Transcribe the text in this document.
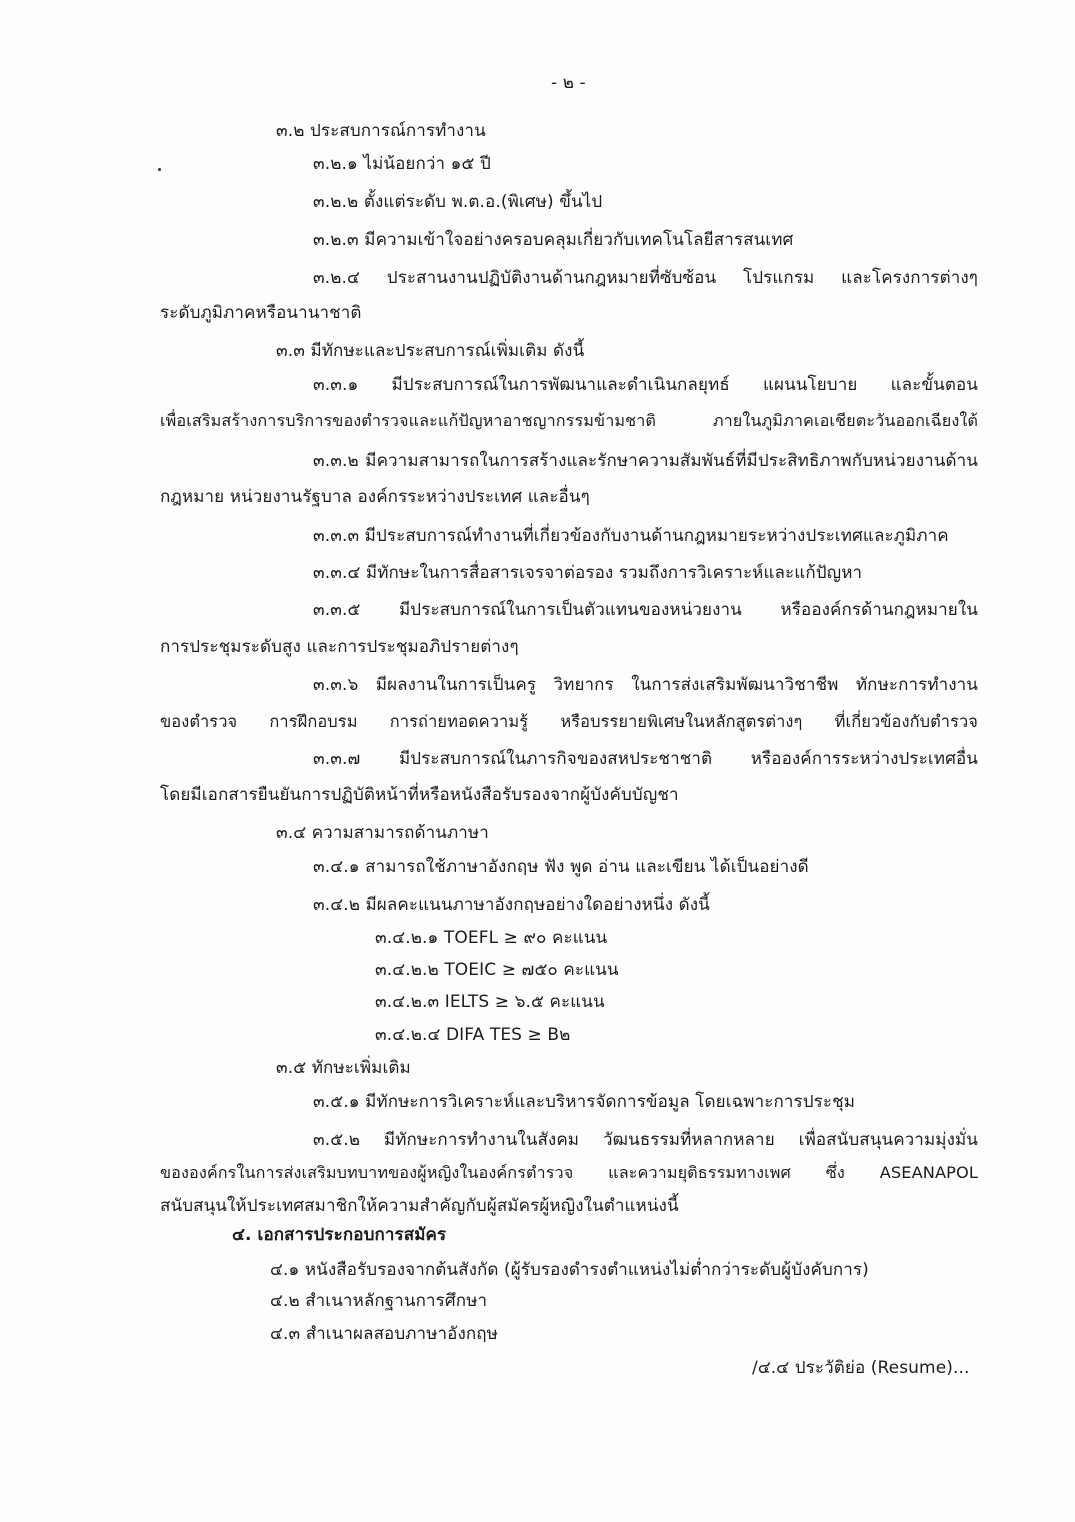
- ๒ -
๓.๒ ประสบการณ์การทำงาน
๓.๒.๑ ไม่น้อยกว่า ๑๕ ปี
๓.๒.๒ ตั้งแต่ระดับ พ.ต.อ.(พิเศษ) ขึ้นไป
๓.๒.๓ มีความเข้าใจอย่างครอบคลุมเกี่ยวกับเทคโนโลยีสารสนเทศ
๓.๒.๔ ประสานงานปฏิบัติงานด้านกฎหมายที่ซับซ้อน โปรแกรม และโครงการต่างๆ
ระดับภูมิภาคหรือนานาชาติ
๓.๓ มีทักษะและประสบการณ์เพิ่มเติม ดังนี้
๓.๓.๑ มีประสบการณ์ในการพัฒนาและดำเนินกลยุทธ์ แผนนโยบาย และขั้นตอน
เพื่อเสริมสร้างการบริการของตำรวจและแก้ปัญหาอาชญากรรมข้ามชาติ ภายในภูมิภาคเอเชียตะวันออกเฉียงใต้
๓.๓.๒ มีความสามารถในการสร้างและรักษาความสัมพันธ์ที่มีประสิทธิภาพกับหน่วยงานด้าน
กฎหมาย หน่วยงานรัฐบาล องค์กรระหว่างประเทศ และอื่นๆ
๓.๓.๓ มีประสบการณ์ทำงานที่เกี่ยวข้องกับงานด้านกฎหมายระหว่างประเทศและภูมิภาค
๓.๓.๔ มีทักษะในการสื่อสารเจรจาต่อรอง รวมถึงการวิเคราะห์และแก้ปัญหา
๓.๓.๕ มีประสบการณ์ในการเป็นตัวแทนของหน่วยงาน หรือองค์กรด้านกฎหมายใน
การประชุมระดับสูง และการประชุมอภิปรายต่างๆ
๓.๓.๖ มีผลงานในการเป็นครู วิทยากร ในการส่งเสริมพัฒนาวิชาชีพ ทักษะการทำงาน
ของตำรวจ การฝึกอบรม การถ่ายทอดความรู้ หรือบรรยายพิเศษในหลักสูตรต่างๆ ที่เกี่ยวข้องกับตำรวจ
๓.๓.๗ มีประสบการณ์ในภารกิจของสหประชาชาติ หรือองค์การระหว่างประเทศอื่น
โดยมีเอกสารยืนยันการปฏิบัติหน้าที่หรือหนังสือรับรองจากผู้บังคับบัญชา
๓.๔ ความสามารถด้านภาษา
๓.๔.๑ สามารถใช้ภาษาอังกฤษ ฟัง พูด อ่าน และเขียน ได้เป็นอย่างดี
๓.๔.๒ มีผลคะแนนภาษาอังกฤษอย่างใดอย่างหนึ่ง ดังนี้
๓.๔.๒.๑ TOEFL ≥ ๙๐ คะแนน
๓.๔.๒.๒ TOEIC ≥ ๗๕๐ คะแนน
๓.๔.๒.๓ IELTS ≥ ๖.๕ คะแนน
๓.๔.๒.๔ DIFA TES ≥ B๒
๓.๕ ทักษะเพิ่มเติม
๓.๕.๑ มีทักษะการวิเคราะห์และบริหารจัดการข้อมูล โดยเฉพาะการประชุม
๓.๕.๒ มีทักษะการทำงานในสังคม วัฒนธรรมที่หลากหลาย เพื่อสนับสนุนความมุ่งมั่น
ขององค์กรในการส่งเสริมบทบาทของผู้หญิงในองค์กรตำรวจ และความยุติธรรมทางเพศ ซึ่ง ASEANAPOL
สนับสนุนให้ประเทศสมาชิกให้ความสำคัญกับผู้สมัครผู้หญิงในตำแหน่งนี้
๔. เอกสารประกอบการสมัคร
๔.๑ หนังสือรับรองจากต้นสังกัด (ผู้รับรองดำรงตำแหน่งไม่ต่ำกว่าระดับผู้บังคับการ)
๔.๒ สำเนาหลักฐานการศึกษา
๔.๓ สำเนาผลสอบภาษาอังกฤษ
/๔.๔ ประวัติย่อ (Resume)...
